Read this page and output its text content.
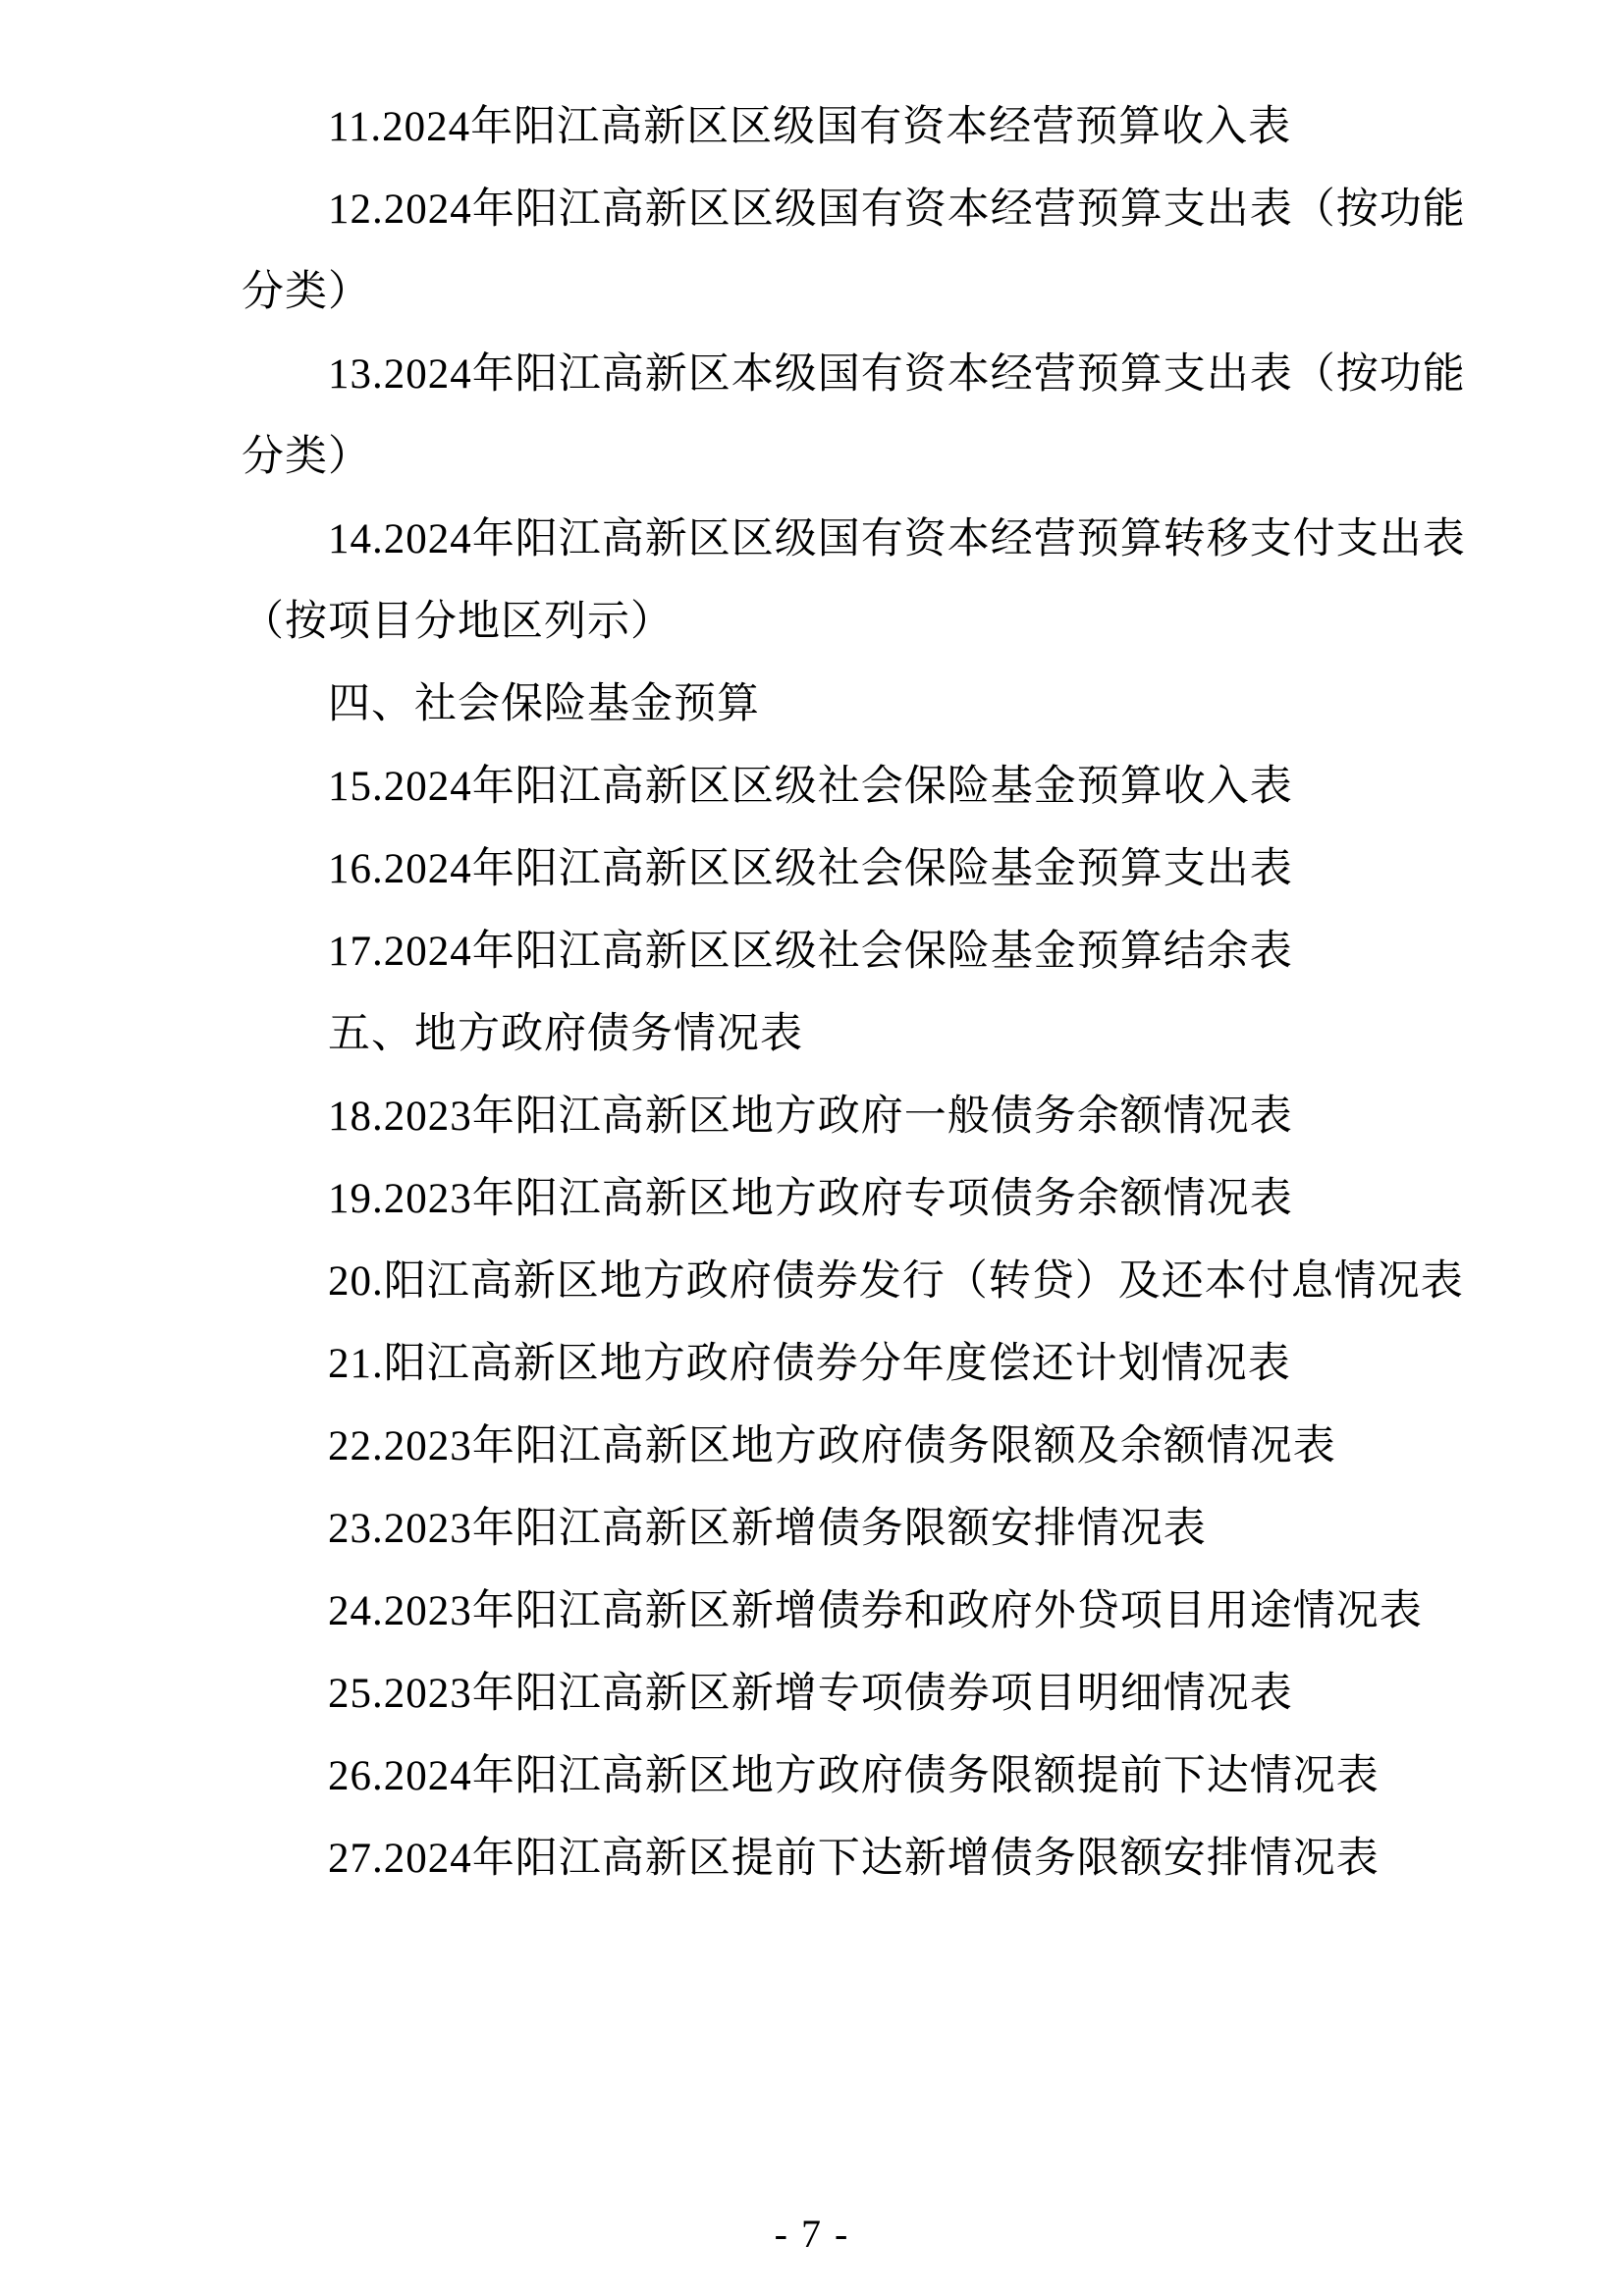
11.2024年阳江高新区区级国有资本经营预算收入表
12.2024年阳江高新区区级国有资本经营预算支出表（按功能
分类）
13.2024年阳江高新区本级国有资本经营预算支出表（按功能
分类）
14.2024年阳江高新区区级国有资本经营预算转移支付支出表
（按项目分地区列示）
四、社会保险基金预算
15.2024年阳江高新区区级社会保险基金预算收入表
16.2024年阳江高新区区级社会保险基金预算支出表
17.2024年阳江高新区区级社会保险基金预算结余表
五、地方政府债务情况表
18.2023年阳江高新区地方政府一般债务余额情况表
19.2023年阳江高新区地方政府专项债务余额情况表
20.阳江高新区地方政府债券发行（转贷）及还本付息情况表
21.阳江高新区地方政府债券分年度偿还计划情况表
22.2023年阳江高新区地方政府债务限额及余额情况表
23.2023年阳江高新区新增债务限额安排情况表
24.2023年阳江高新区新增债券和政府外贷项目用途情况表
25.2023年阳江高新区新增专项债券项目明细情况表
26.2024年阳江高新区地方政府债务限额提前下达情况表
27.2024年阳江高新区提前下达新增债务限额安排情况表
- 7 -
